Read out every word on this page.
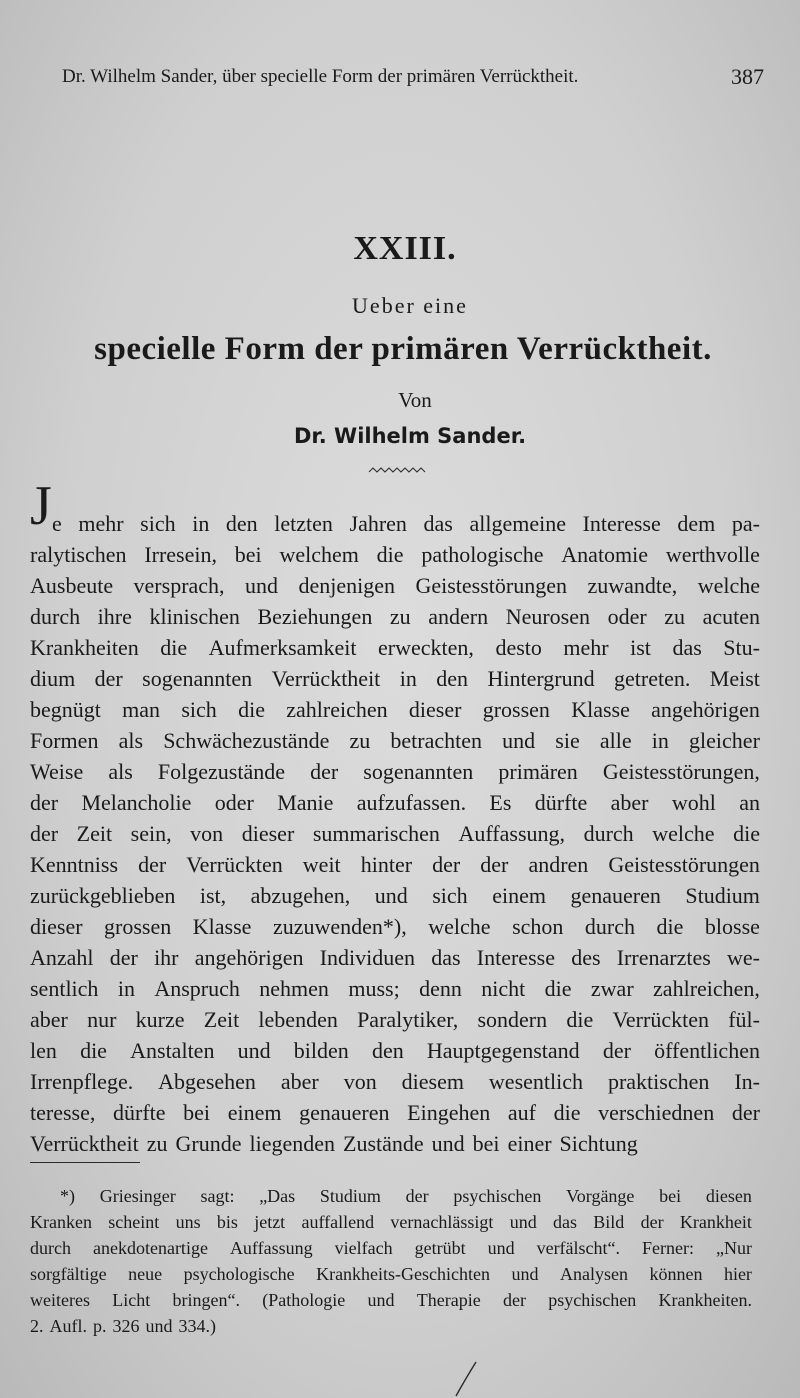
Dr. Wilhelm Sander, über specielle Form der primären Verrücktheit.	387
XXIII.
Ueber eine
specielle Form der primären Verrücktheit.
Von
Dr. Wilhelm Sander.
J e mehr sich in den letzten Jahren das allgemeine Interesse dem pa-
ralytischen Irresein, bei welchem die pathologische Anatomie werthvolle
Ausbeute versprach, und denjenigen Geistesstörungen zuwandte, welche
durch ihre klinischen Beziehungen zu andern Neurosen oder zu acuten
Krankheiten die Aufmerksamkeit erweckten, desto mehr ist das Stu-
dium der sogenannten Verrücktheit in den Hintergrund getreten. Meist
begnügt man sich die zahlreichen dieser grossen Klasse angehörigen
Formen als Schwächezustände zu betrachten und sie alle in gleicher
Weise als Folgezustände der sogenannten primären Geistesstörungen,
der Melancholie oder Manie aufzufassen. Es dürfte aber wohl an
der Zeit sein, von dieser summarischen Auffassung, durch welche die
Kenntniss der Verrückten weit hinter der der andren Geistesstörungen
zurückgeblieben ist, abzugehen, und sich einem genaueren Studium
dieser grossen Klasse zuzuwenden*), welche schon durch die blosse
Anzahl der ihr angehörigen Individuen das Interesse des Irrenarztes we-
sentlich in Anspruch nehmen muss; denn nicht die zwar zahlreichen,
aber nur kurze Zeit lebenden Paralytiker, sondern die Verrückten fül-
len die Anstalten und bilden den Hauptgegenstand der öffentlichen
Irrenpflege. Abgesehen aber von diesem wesentlich praktischen In-
teresse, dürfte bei einem genaueren Eingehen auf die verschiednen der
Verrücktheit zu Grunde liegenden Zustände und bei einer Sichtung
*) Griesinger sagt: „Das Studium der psychischen Vorgänge bei diesen
Kranken scheint uns bis jetzt auffallend vernachlässigt und das Bild der Krankheit
durch anekdotenartige Auffassung vielfach getrübt und verfälscht“. Ferner: „Nur
sorgfältige neue psychologische Krankheits-Geschichten und Analysen können hier
weiteres Licht bringen“. (Pathologie und Therapie der psychischen Krankheiten.
2. Aufl. p. 326 und 334.)
